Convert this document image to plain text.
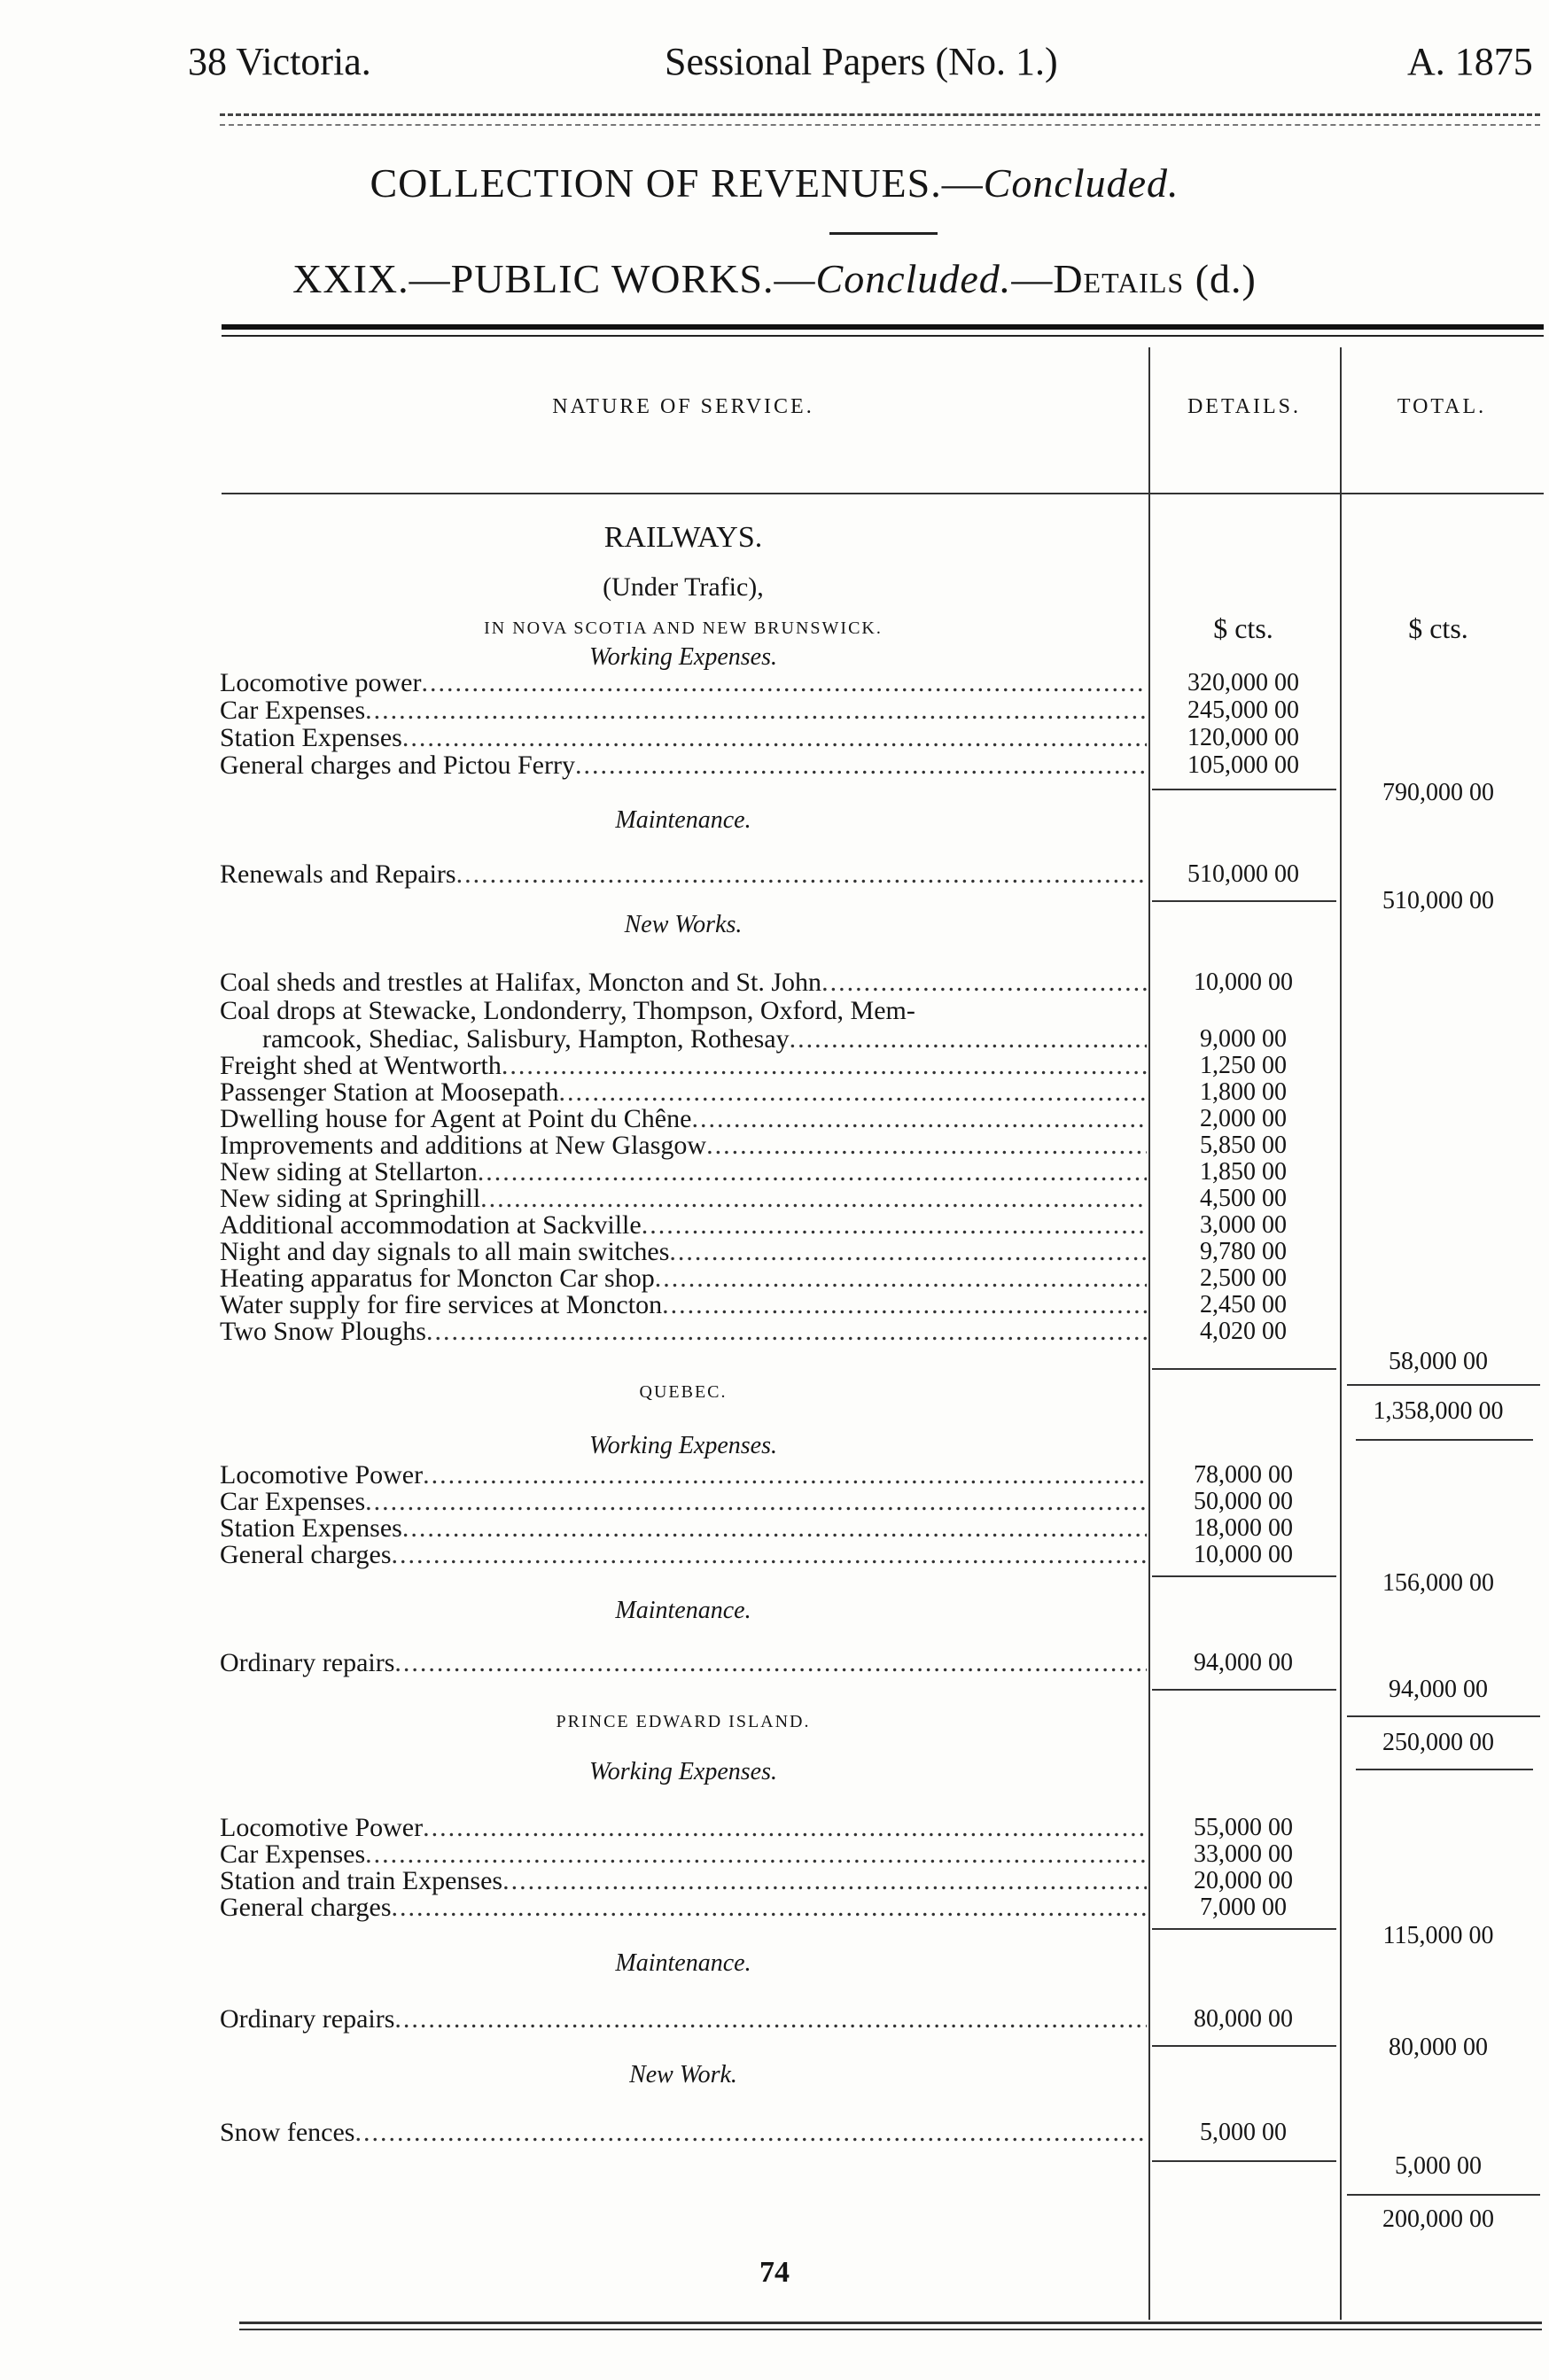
38 Victoria.	Sessional Papers (No. 1.)	A. 1875
COLLECTION OF REVENUES.—Concluded.
XXIX.—PUBLIC WORKS.—Concluded.—Details (d.)
NATURE OF SERVICE.	DETAILS.	TOTAL.
RAILWAYS.
(Under Trafic),
IN NOVA SCOTIA AND NEW BRUNSWICK.	$ cts.	$ cts.
Working Expenses.
Locomotive power .....	320,000 00
Car Expenses .....	245,000 00
Station Expenses .....	120,000 00
General charges and Pictou Ferry .....	105,000 00
790,000 00
Maintenance.
Renewals and Repairs .....	510,000 00
510,000 00
New Works.
Coal sheds and trestles at Halifax, Moncton and St. John .....	10,000 00
Coal drops at Stewacke, Londonderry, Thompson, Oxford, Mem-
ramcook, Shediac, Salisbury, Hampton, Rothesay .....	9,000 00
Freight shed at Wentworth .....	1,250 00
Passenger Station at Moosepath .....	1,800 00
Dwelling house for Agent at Point du Chêne .....	2,000 00
Improvements and additions at New Glasgow .....	5,850 00
New siding at Stellarton .....	1,850 00
New siding at Springhill .....	4,500 00
Additional accommodation at Sackville .....	3,000 00
Night and day signals to all main switches .....	9,780 00
Heating apparatus for Moncton Car shop .....	2,500 00
Water supply for fire services at Moncton .....	2,450 00
Two Snow Ploughs .....	4,020 00
58,000 00
1,358,000 00
QUEBEC.
Working Expenses.
Locomotive Power .....	78,000 00
Car Expenses .....	50,000 00
Station Expenses .....	18,000 00
General charges .....	10,000 00
156,000 00
Maintenance.
Ordinary repairs .....	94,000 00
94,000 00
250,000 00
PRINCE EDWARD ISLAND.
Working Expenses.
Locomotive Power .....	55,000 00
Car Expenses .....	33,000 00
Station and train Expenses .....	20,000 00
General charges .....	7,000 00
115,000 00
Maintenance.
Ordinary repairs .....	80,000 00
80,000 00
New Work.
Snow fences .....	5,000 00
5,000 00
200,000 00
74
